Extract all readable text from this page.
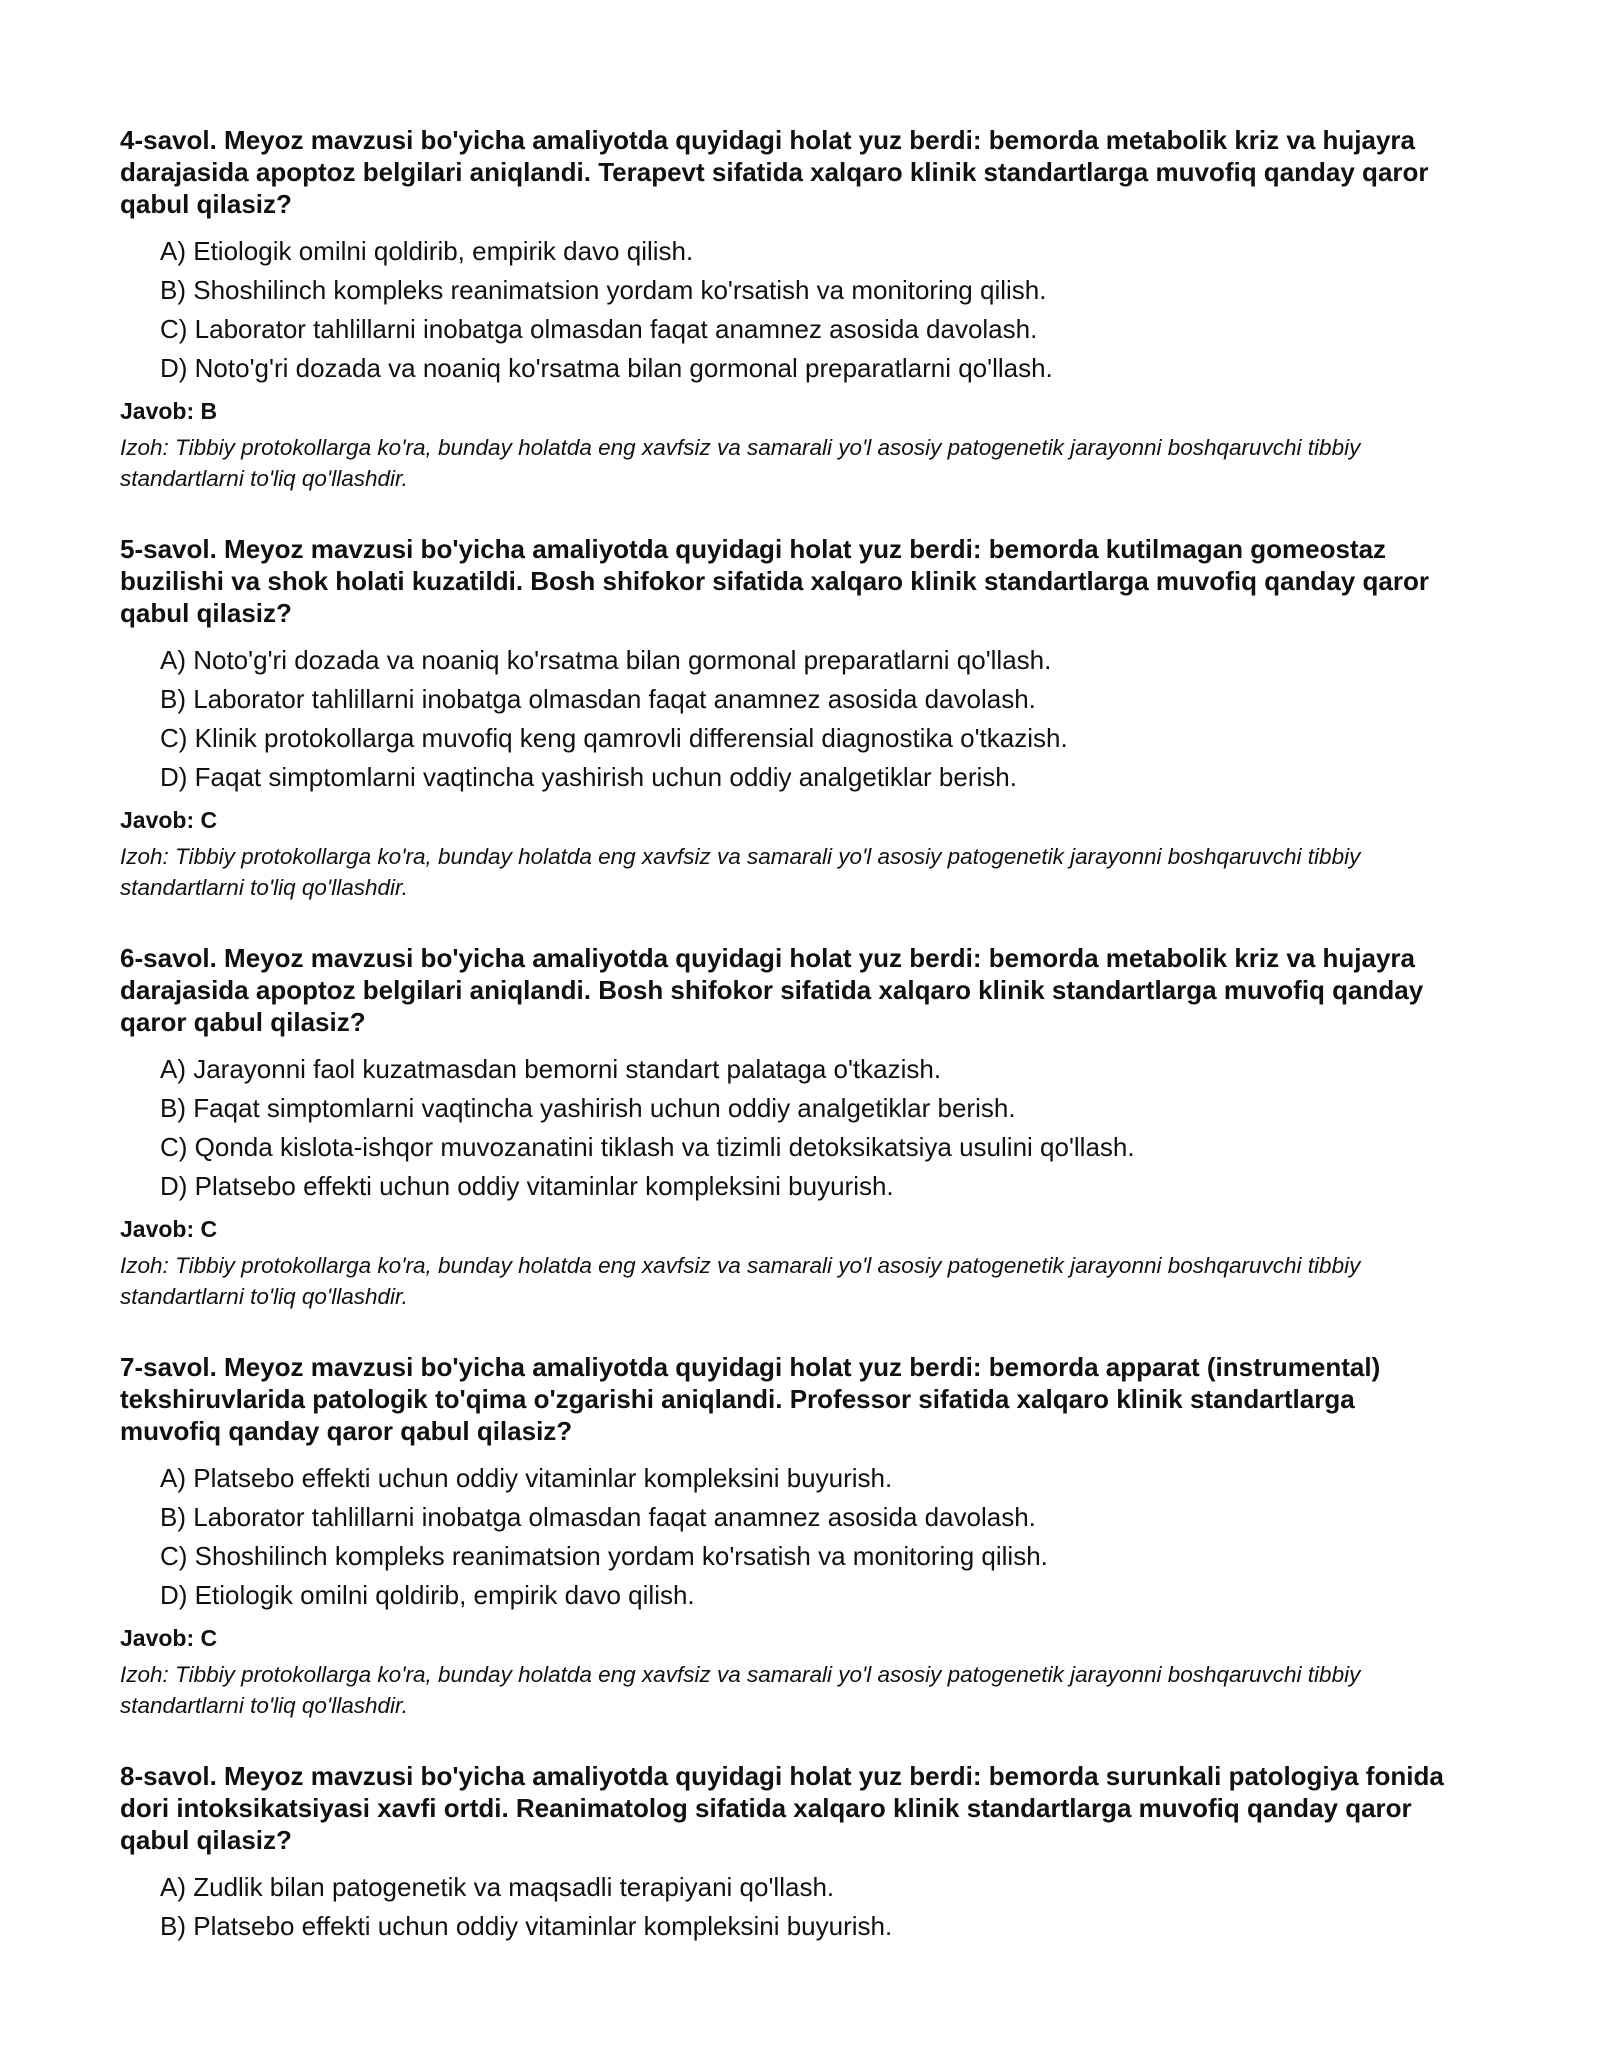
4-savol. Meyoz mavzusi bo'yicha amaliyotda quyidagi holat yuz berdi: bemorda metabolik kriz va hujayra darajasida apoptoz belgilari aniqlandi. Terapevt sifatida xalqaro klinik standartlarga muvofiq qanday qaror qabul qilasiz?

A) Etiologik omilni qoldirib, empirik davo qilish.
B) Shoshilinch kompleks reanimatsion yordam ko'rsatish va monitoring qilish.
C) Laborator tahlillarni inobatga olmasdan faqat anamnez asosida davolash.
D) Noto'g'ri dozada va noaniq ko'rsatma bilan gormonal preparatlarni qo'llash.

Javob: B

Izoh: Tibbiy protokollarga ko'ra, bunday holatda eng xavfsiz va samarali yo'l asosiy patogenetik jarayonni boshqaruvchi tibbiy standartlarni to'liq qo'llashdir.

5-savol. Meyoz mavzusi bo'yicha amaliyotda quyidagi holat yuz berdi: bemorda kutilmagan gomeostaz buzilishi va shok holati kuzatildi. Bosh shifokor sifatida xalqaro klinik standartlarga muvofiq qanday qaror qabul qilasiz?

A) Noto'g'ri dozada va noaniq ko'rsatma bilan gormonal preparatlarni qo'llash.
B) Laborator tahlillarni inobatga olmasdan faqat anamnez asosida davolash.
C) Klinik protokollarga muvofiq keng qamrovli differensial diagnostika o'tkazish.
D) Faqat simptomlarni vaqtincha yashirish uchun oddiy analgetiklar berish.

Javob: C

Izoh: Tibbiy protokollarga ko'ra, bunday holatda eng xavfsiz va samarali yo'l asosiy patogenetik jarayonni boshqaruvchi tibbiy standartlarni to'liq qo'llashdir.

6-savol. Meyoz mavzusi bo'yicha amaliyotda quyidagi holat yuz berdi: bemorda metabolik kriz va hujayra darajasida apoptoz belgilari aniqlandi. Bosh shifokor sifatida xalqaro klinik standartlarga muvofiq qanday qaror qabul qilasiz?

A) Jarayonni faol kuzatmasdan bemorni standart palataga o'tkazish.
B) Faqat simptomlarni vaqtincha yashirish uchun oddiy analgetiklar berish.
C) Qonda kislota-ishqor muvozanatini tiklash va tizimli detoksikatsiya usulini qo'llash.
D) Platsebo effekti uchun oddiy vitaminlar kompleksini buyurish.

Javob: C

Izoh: Tibbiy protokollarga ko'ra, bunday holatda eng xavfsiz va samarali yo'l asosiy patogenetik jarayonni boshqaruvchi tibbiy standartlarni to'liq qo'llashdir.

7-savol. Meyoz mavzusi bo'yicha amaliyotda quyidagi holat yuz berdi: bemorda apparat (instrumental) tekshiruvlarida patologik to'qima o'zgarishi aniqlandi. Professor sifatida xalqaro klinik standartlarga muvofiq qanday qaror qabul qilasiz?

A) Platsebo effekti uchun oddiy vitaminlar kompleksini buyurish.
B) Laborator tahlillarni inobatga olmasdan faqat anamnez asosida davolash.
C) Shoshilinch kompleks reanimatsion yordam ko'rsatish va monitoring qilish.
D) Etiologik omilni qoldirib, empirik davo qilish.

Javob: C

Izoh: Tibbiy protokollarga ko'ra, bunday holatda eng xavfsiz va samarali yo'l asosiy patogenetik jarayonni boshqaruvchi tibbiy standartlarni to'liq qo'llashdir.

8-savol. Meyoz mavzusi bo'yicha amaliyotda quyidagi holat yuz berdi: bemorda surunkali patologiya fonida dori intoksikatsiyasi xavfi ortdi. Reanimatolog sifatida xalqaro klinik standartlarga muvofiq qanday qaror qabul qilasiz?

A) Zudlik bilan patogenetik va maqsadli terapiyani qo'llash.
B) Platsebo effekti uchun oddiy vitaminlar kompleksini buyurish.
